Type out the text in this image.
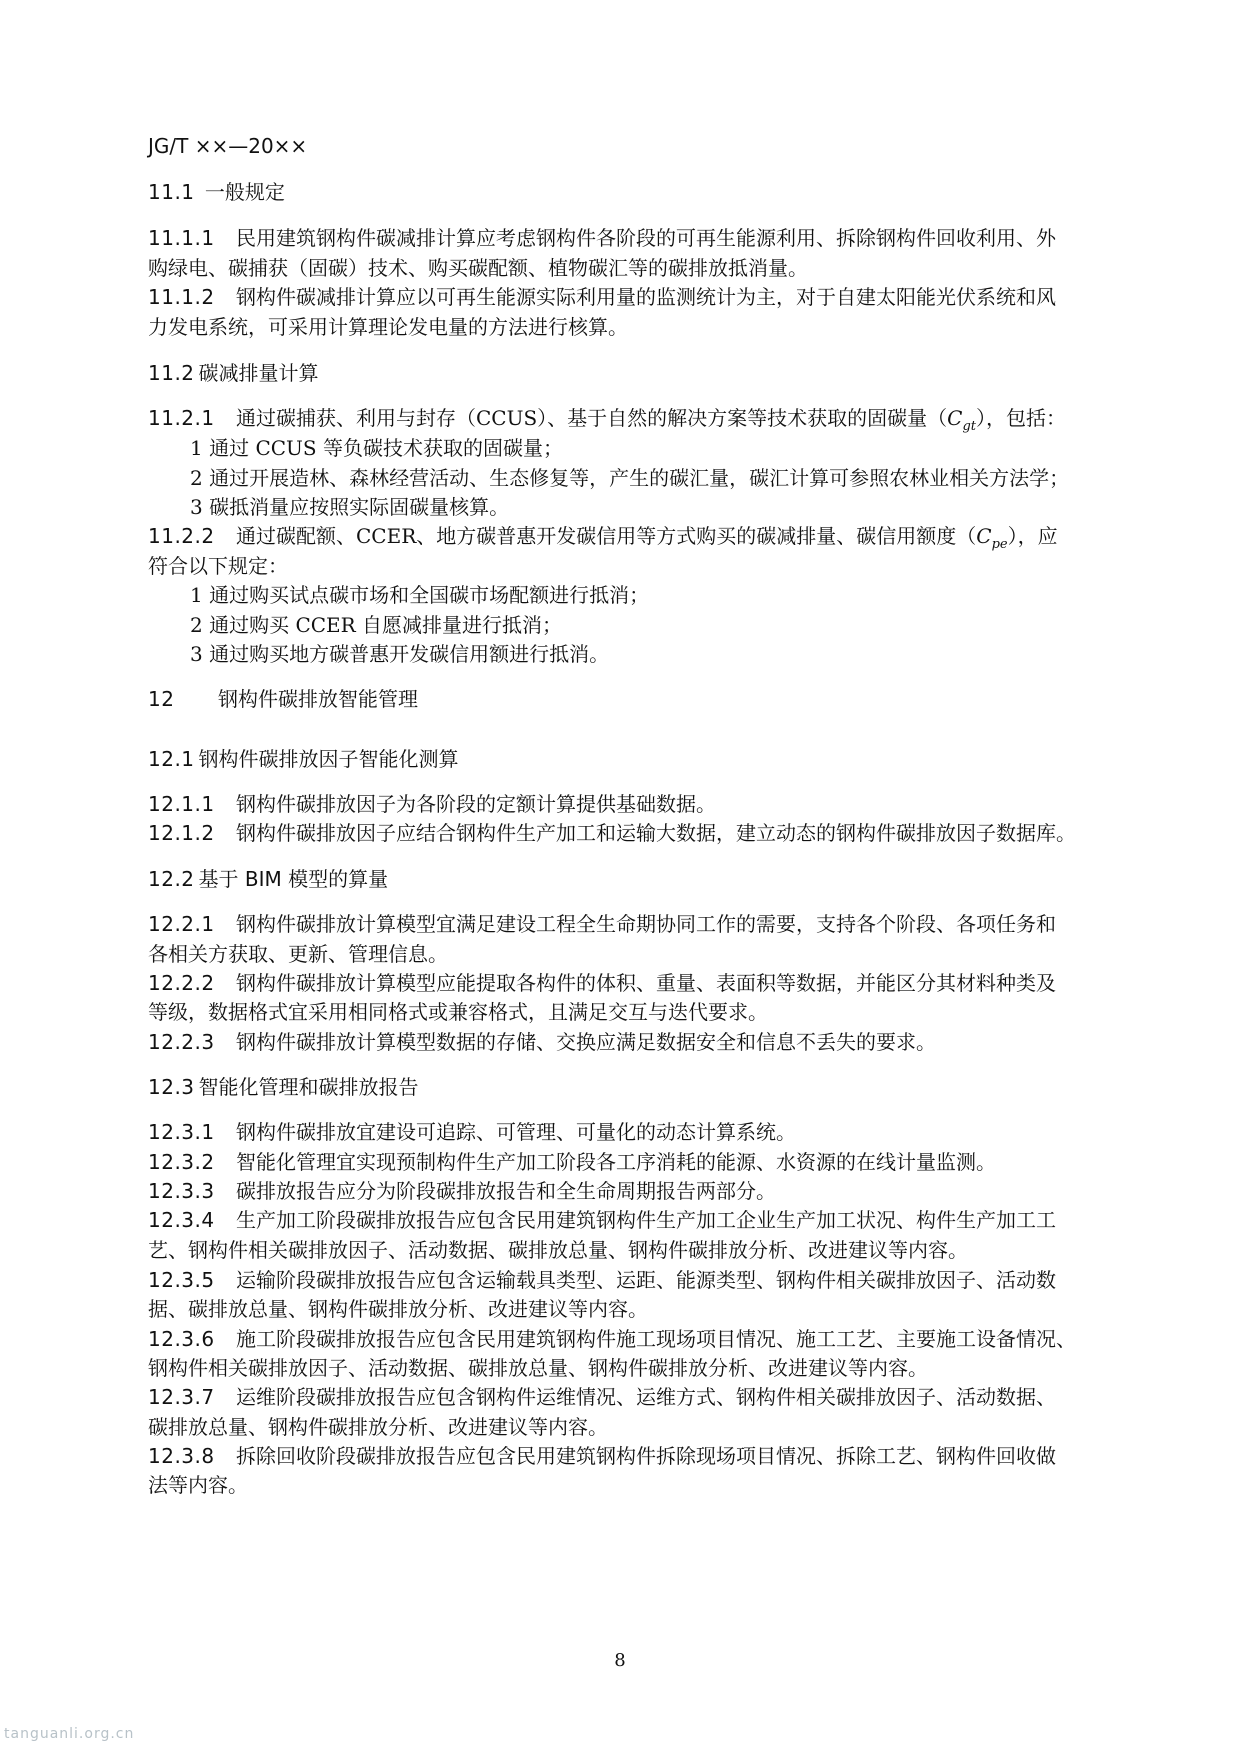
JG/T ××—20××
11.1 一般规定
11.1.1 民用建筑钢构件碳减排计算应考虑钢构件各阶段的可再生能源利用、拆除钢构件回收利用、外
购绿电、碳捕获（固碳）技术、购买碳配额、植物碳汇等的碳排放抵消量。
11.1.2 钢构件碳减排计算应以可再生能源实际利用量的监测统计为主，对于自建太阳能光伏系统和风
力发电系统，可采用计算理论发电量的方法进行核算。
11.2 碳减排量计算
11.2.1 通过碳捕获、利用与封存（CCUS）、基于自然的解决方案等技术获取的固碳量$(C_{gt})$，包括：
1 通过 CCUS 等负碳技术获取的固碳量；
2 通过开展造林、森林经营活动、生态修复等，产生的碳汇量，碳汇计算可参照农林业相关方法学；
3 碳抵消量应按照实际固碳量核算。
11.2.2 通过碳配额、CCER、地方碳普惠开发碳信用等方式购买的碳减排量、碳信用额度$(C_{pe})$，应
符合以下规定：
1 通过购买试点碳市场和全国碳市场配额进行抵消；
2 通过购买 CCER 自愿减排量进行抵消；
3 通过购买地方碳普惠开发碳信用额进行抵消。
12 钢构件碳排放智能管理
12.1 钢构件碳排放因子智能化测算
12.1.1 钢构件碳排放因子为各阶段的定额计算提供基础数据。
12.1.2 钢构件碳排放因子应结合钢构件生产加工和运输大数据，建立动态的钢构件碳排放因子数据库。
12.2 基于 BIM 模型的算量
12.2.1 钢构件碳排放计算模型宜满足建设工程全生命期协同工作的需要，支持各个阶段、各项任务和
各相关方获取、更新、管理信息。
12.2.2 钢构件碳排放计算模型应能提取各构件的体积、重量、表面积等数据，并能区分其材料种类及
等级，数据格式宜采用相同格式或兼容格式，且满足交互与迭代要求。
12.2.3 钢构件碳排放计算模型数据的存储、交换应满足数据安全和信息不丢失的要求。
12.3 智能化管理和碳排放报告
12.3.1 钢构件碳排放宜建设可追踪、可管理、可量化的动态计算系统。
12.3.2 智能化管理宜实现预制构件生产加工阶段各工序消耗的能源、水资源的在线计量监测。
12.3.3 碳排放报告应分为阶段碳排放报告和全生命周期报告两部分。
12.3.4 生产加工阶段碳排放报告应包含民用建筑钢构件生产加工企业生产加工状况、构件生产加工工
艺、钢构件相关碳排放因子、活动数据、碳排放总量、钢构件碳排放分析、改进建议等内容。
12.3.5 运输阶段碳排放报告应包含运输载具类型、运距、能源类型、钢构件相关碳排放因子、活动数
据、碳排放总量、钢构件碳排放分析、改进建议等内容。
12.3.6 施工阶段碳排放报告应包含民用建筑钢构件施工现场项目情况、施工工艺、主要施工设备情况、
钢构件相关碳排放因子、活动数据、碳排放总量、钢构件碳排放分析、改进建议等内容。
12.3.7 运维阶段碳排放报告应包含钢构件运维情况、运维方式、钢构件相关碳排放因子、活动数据、
碳排放总量、钢构件碳排放分析、改进建议等内容。
12.3.8 拆除回收阶段碳排放报告应包含民用建筑钢构件拆除现场项目情况、拆除工艺、钢构件回收做
法等内容。
8
tanguanli.org.cn
